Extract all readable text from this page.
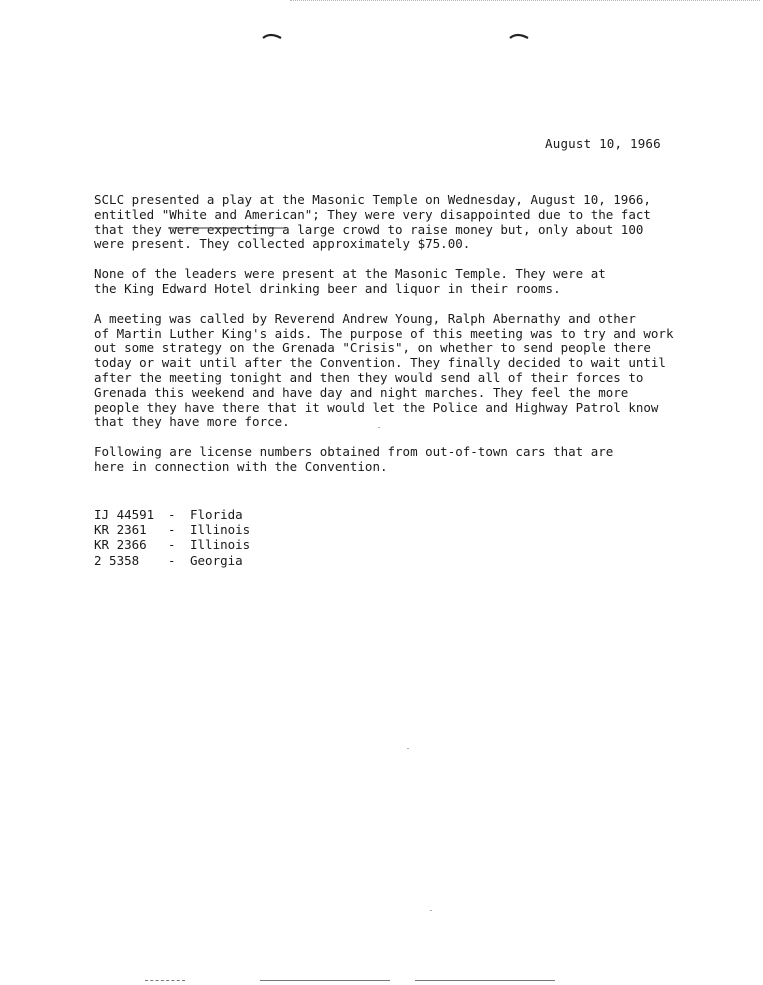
August 10, 1966

SCLC presented a play at the Masonic Temple on Wednesday, August 10, 1966,
entitled "White and American"; They were very disappointed due to the fact
that they were expecting a large crowd to raise money but, only about 100
were present. They collected approximately $75.00.

None of the leaders were present at the Masonic Temple. They were at
the King Edward Hotel drinking beer and liquor in their rooms.

A meeting was called by Reverend Andrew Young, Ralph Abernathy and other
of Martin Luther King's aids. The purpose of this meeting was to try and work
out some strategy on the Grenada "Crisis", on whether to send people there
today or wait until after the Convention. They finally decided to wait until
after the meeting tonight and then they would send all of their forces to
Grenada this weekend and have day and night marches. They feel the more
people they have there that it would let the Police and Highway Patrol know
that they have more force.

Following are license numbers obtained from out-of-town cars that are
here in connection with the Convention.

IJ 44591	-	Florida
KR 2361	-	Illinois
KR 2366	-	Illinois
2 5358	-	Georgia
